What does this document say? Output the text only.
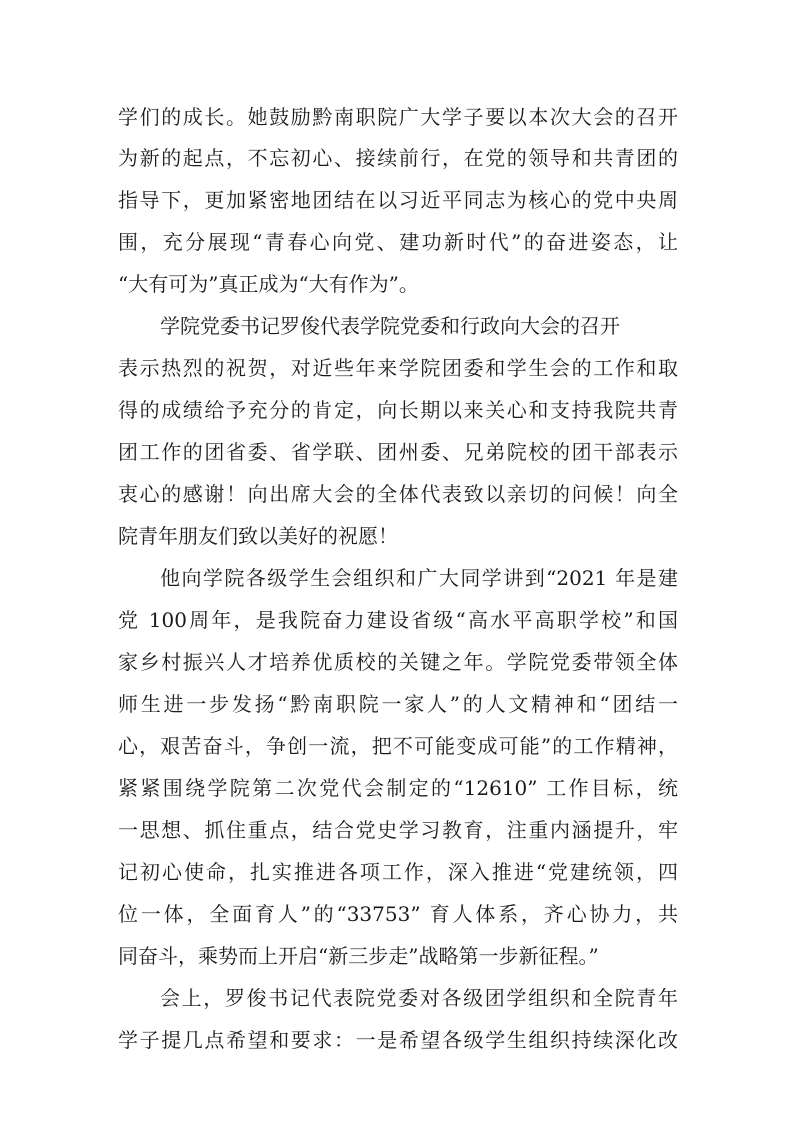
学们的成长。她鼓励黔南职院广大学子要以本次大会的召开
为新的起点，不忘初心、接续前行，在党的领导和共青团的
指导下，更加紧密地团结在以习近平同志为核心的党中央周
围，充分展现“青春心向党、建功新时代”的奋进姿态，让
“大有可为”真正成为“大有作为”。
学院党委书记罗俊代表学院党委和行政向大会的召开
表示热烈的祝贺，对近些年来学院团委和学生会的工作和取
得的成绩给予充分的肯定，向长期以来关心和支持我院共青
团工作的团省委、省学联、团州委、兄弟院校的团干部表示
衷心的感谢！向出席大会的全体代表致以亲切的问候！向全
院青年朋友们致以美好的祝愿！
他向学院各级学生会组织和广大同学讲到“2021 年是建
党 100周年，是我院奋力建设省级“高水平高职学校”和国
家乡村振兴人才培养优质校的关键之年。学院党委带领全体
师生进一步发扬“黔南职院一家人”的人文精神和“团结一
心，艰苦奋斗，争创一流，把不可能变成可能”的工作精神，
紧紧围绕学院第二次党代会制定的“12610” 工作目标，统
一思想、抓住重点，结合党史学习教育，注重内涵提升，牢
记初心使命，扎实推进各项工作，深入推进“党建统领，四
位一体，全面育人”的“33753” 育人体系，齐心协力，共
同奋斗，乘势而上开启“新三步走”战略第一步新征程。”
会上，罗俊书记代表院党委对各级团学组织和全院青年
学子提几点希望和要求：一是希望各级学生组织持续深化改
